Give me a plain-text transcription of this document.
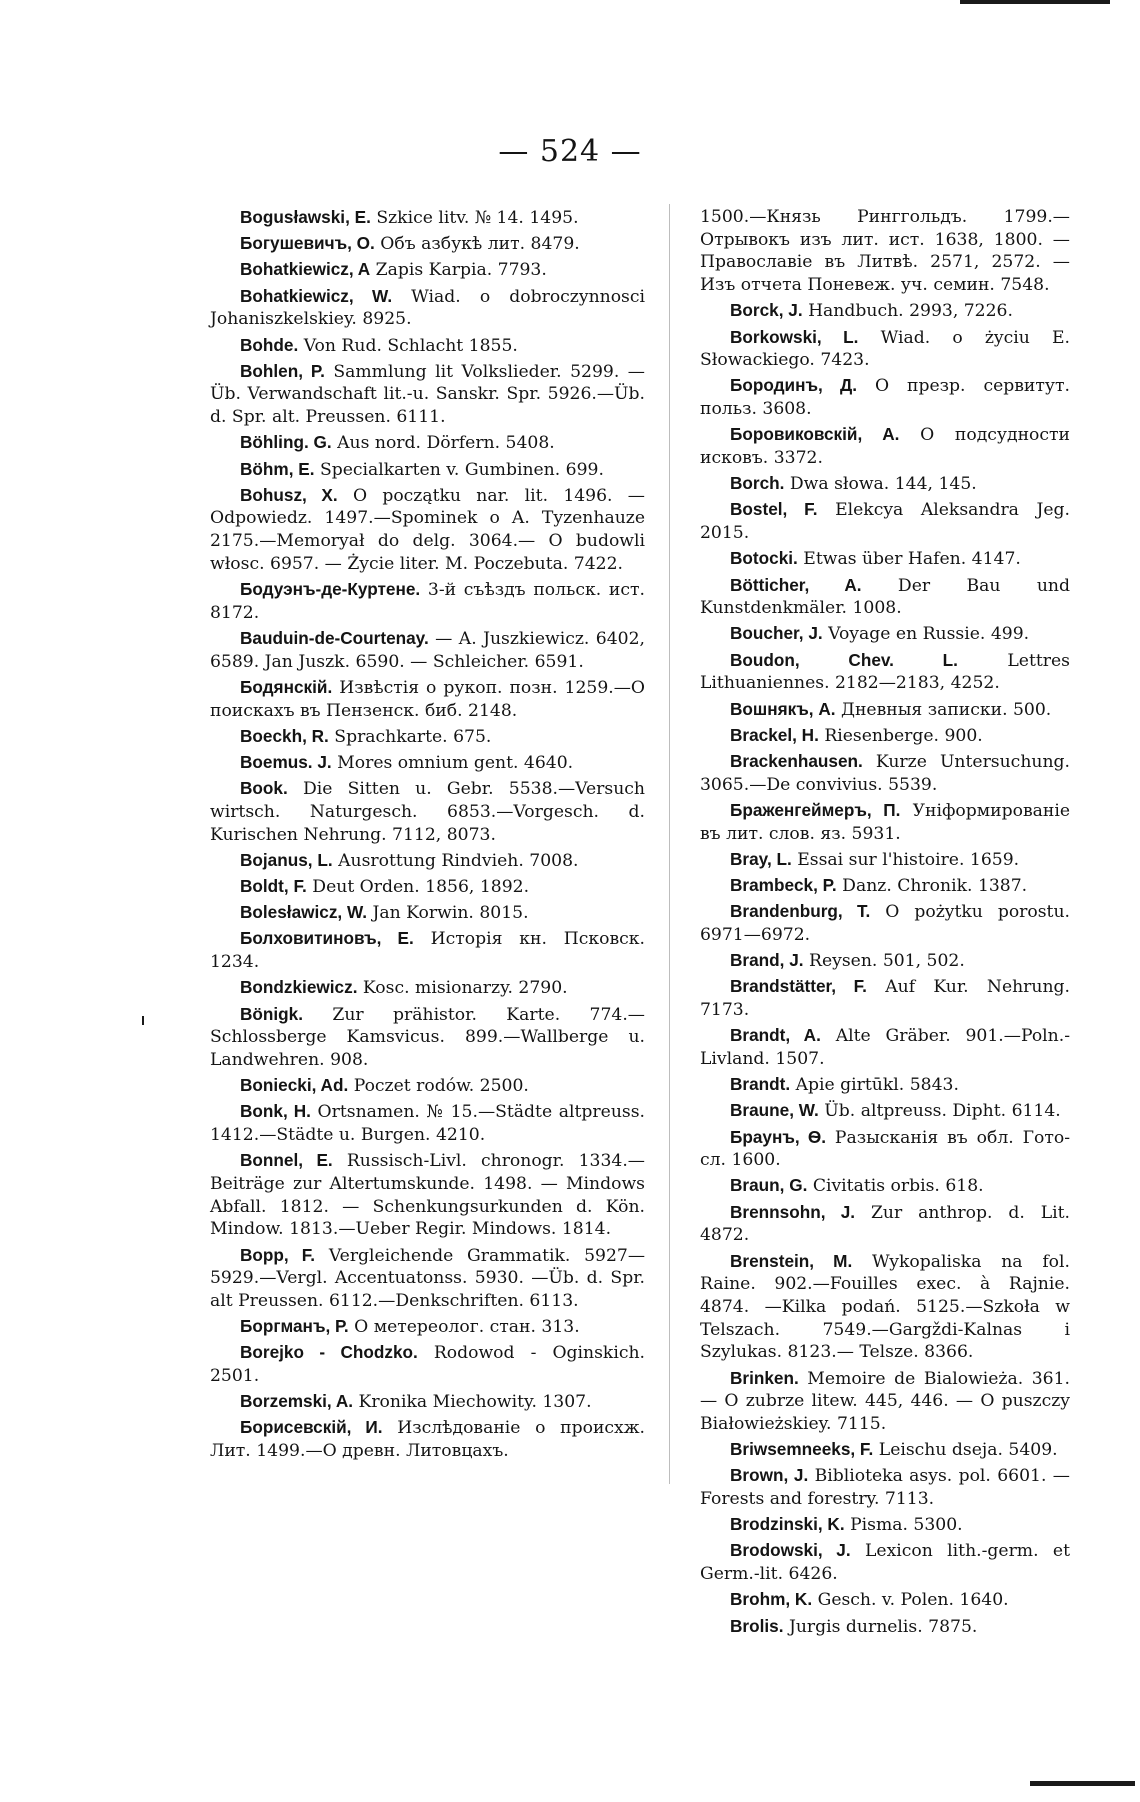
— 524 —
Bogusławski, E. Szkice litv. № 14. 1495.
Богушевичъ, О. Объ азбукѣ лит. 8479.
Bohatkiewicz, A Zapis Karpia. 7793.
Bohatkiewicz, W. Wiad. o dobroczynnosci Johaniszkelskiey. 8925.
Bohde. Von Rud. Schlacht 1855.
Bohlen, P. Sammlung lit Volkslieder. 5299. — Üb. Verwandschaft lit.-u. Sanskr. Spr. 5926.—Üb. d. Spr. alt. Preussen. 6111.
Böhling. G. Aus nord. Dörfern. 5408.
Böhm, E. Specialkarten v. Gumbinen. 699.
Bohusz, X. O początku nar. lit. 1496. — Odpowiedz. 1497.—Spominek o A. Tyzenhauze 2175.—Memoryał do delg. 3064.— O budowli włosc. 6957. — Życie liter. M. Poczebuta. 7422.
Бодуэнъ-де-Куртене. 3-й съѣздъ польск. ист. 8172.
Bauduin-de-Courtenay. — A. Juszkiewicz. 6402, 6589. Jan Juszk. 6590. — Schleicher. 6591.
Бодянскій. Извѣстія о рукоп. позн. 1259.—О поискахъ въ Пензенск. биб. 2148.
Boeckh, R. Sprachkarte. 675.
Boemus. J. Mores omnium gent. 4640.
Book. Die Sitten u. Gebr. 5538.—Versuch wirtsch. Naturgesch. 6853.—Vorgesch. d. Kurischen Nehrung. 7112, 8073.
Bojanus, L. Ausrottung Rindvieh. 7008.
Boldt, F. Deut Orden. 1856, 1892.
Bolesławicz, W. Jan Korwin. 8015.
Болховитиновъ, Е. Исторія кн. Псковск. 1234.
Bondzkiewicz. Kosc. misionarzy. 2790.
Bönigk. Zur prähistor. Karte. 774.— Schlossberge Kamsvicus. 899.—Wallberge u. Landwehren. 908.
Boniecki, Ad. Poczet rodów. 2500.
Bonk, H. Ortsnamen. № 15.—Städte altpreuss. 1412.—Städte u. Burgen. 4210.
Bonnel, E. Russisch-Livl. chronogr. 1334.—Beiträge zur Altertumskunde. 1498. — Mindows Abfall. 1812. — Schenkungsurkunden d. Kön. Mindow. 1813.—Ueber Regir. Mindows. 1814.
Bopp, F. Vergleichende Grammatik. 5927—5929.—Vergl. Accentuatonss. 5930. —Üb. d. Spr. alt Preussen. 6112.—Denkschriften. 6113.
Боргманъ, Р. О метереолог. стан. 313.
Borejko - Chodzko. Rodowod - Oginskich. 2501.
Borzemski, A. Kronika Miechowity. 1307.
Борисевскій, И. Изслѣдованіе о происхж. Лит. 1499.—О древн. Литовцахъ.
1500.—Князь Ринггольдъ. 1799.—Отрывокъ изъ лит. ист. 1638, 1800. — Православіе въ Литвѣ. 2571, 2572. — Изъ отчета Поневеж. уч. семин. 7548.
Borck, J. Handbuch. 2993, 7226.
Borkowski, L. Wiad. o życiu E. Słowackiego. 7423.
Бородинъ, Д. О презр. сервитут. польз. 3608.
Боровиковскій, А. О подсудности исковъ. 3372.
Borch. Dwa słowa. 144, 145.
Bostel, F. Elekcya Aleksandra Jeg. 2015.
Botocki. Etwas über Hafen. 4147.
Bötticher, A. Der Bau und Kunstdenkmäler. 1008.
Boucher, J. Voyage en Russie. 499.
Boudon, Chev. L. Lettres Lithuaniennes. 2182—2183, 4252.
Вошнякъ, А. Дневныя записки. 500.
Brackel, H. Riesenberge. 900.
Brackenhausen. Kurze Untersuchung. 3065.—De convivius. 5539.
Браженгеймеръ, П. Уніформированіе въ лит. слов. яз. 5931.
Bray, L. Essai sur l'histoire. 1659.
Brambeck, P. Danz. Chronik. 1387.
Brandenburg, T. O pożytku porostu. 6971—6972.
Brand, J. Reysen. 501, 502.
Brandstätter, F. Auf Kur. Nehrung. 7173.
Brandt, A. Alte Gräber. 901.—Poln.-Livland. 1507.
Brandt. Apie girtūkl. 5843.
Braune, W. Üb. altpreuss. Dipht. 6114.
Браунъ, Ѳ. Разысканія въ обл. Гото-сл. 1600.
Braun, G. Civitatis orbis. 618.
Brennsohn, J. Zur anthrop. d. Lit. 4872.
Brenstein, M. Wykopaliska na fol. Raine. 902.—Fouilles exec. à Rajnie. 4874. —Kilka podań. 5125.—Szkoła w Telszach. 7549.—Gargždi-Kalnas i Szylukas. 8123.— Telsze. 8366.
Brinken. Memoire de Bialowieża. 361. — O zubrze litew. 445, 446. — O puszczy Białowieżskiey. 7115.
Briwsemneeks, F. Leischu dseja. 5409.
Brown, J. Biblioteka asys. pol. 6601. —Forests and forestry. 7113.
Brodzinski, K. Pisma. 5300.
Brodowski, J. Lexicon lith.-germ. et Germ.-lit. 6426.
Brohm, K. Gesch. v. Polen. 1640.
Brolis. Jurgis durnelis. 7875.
